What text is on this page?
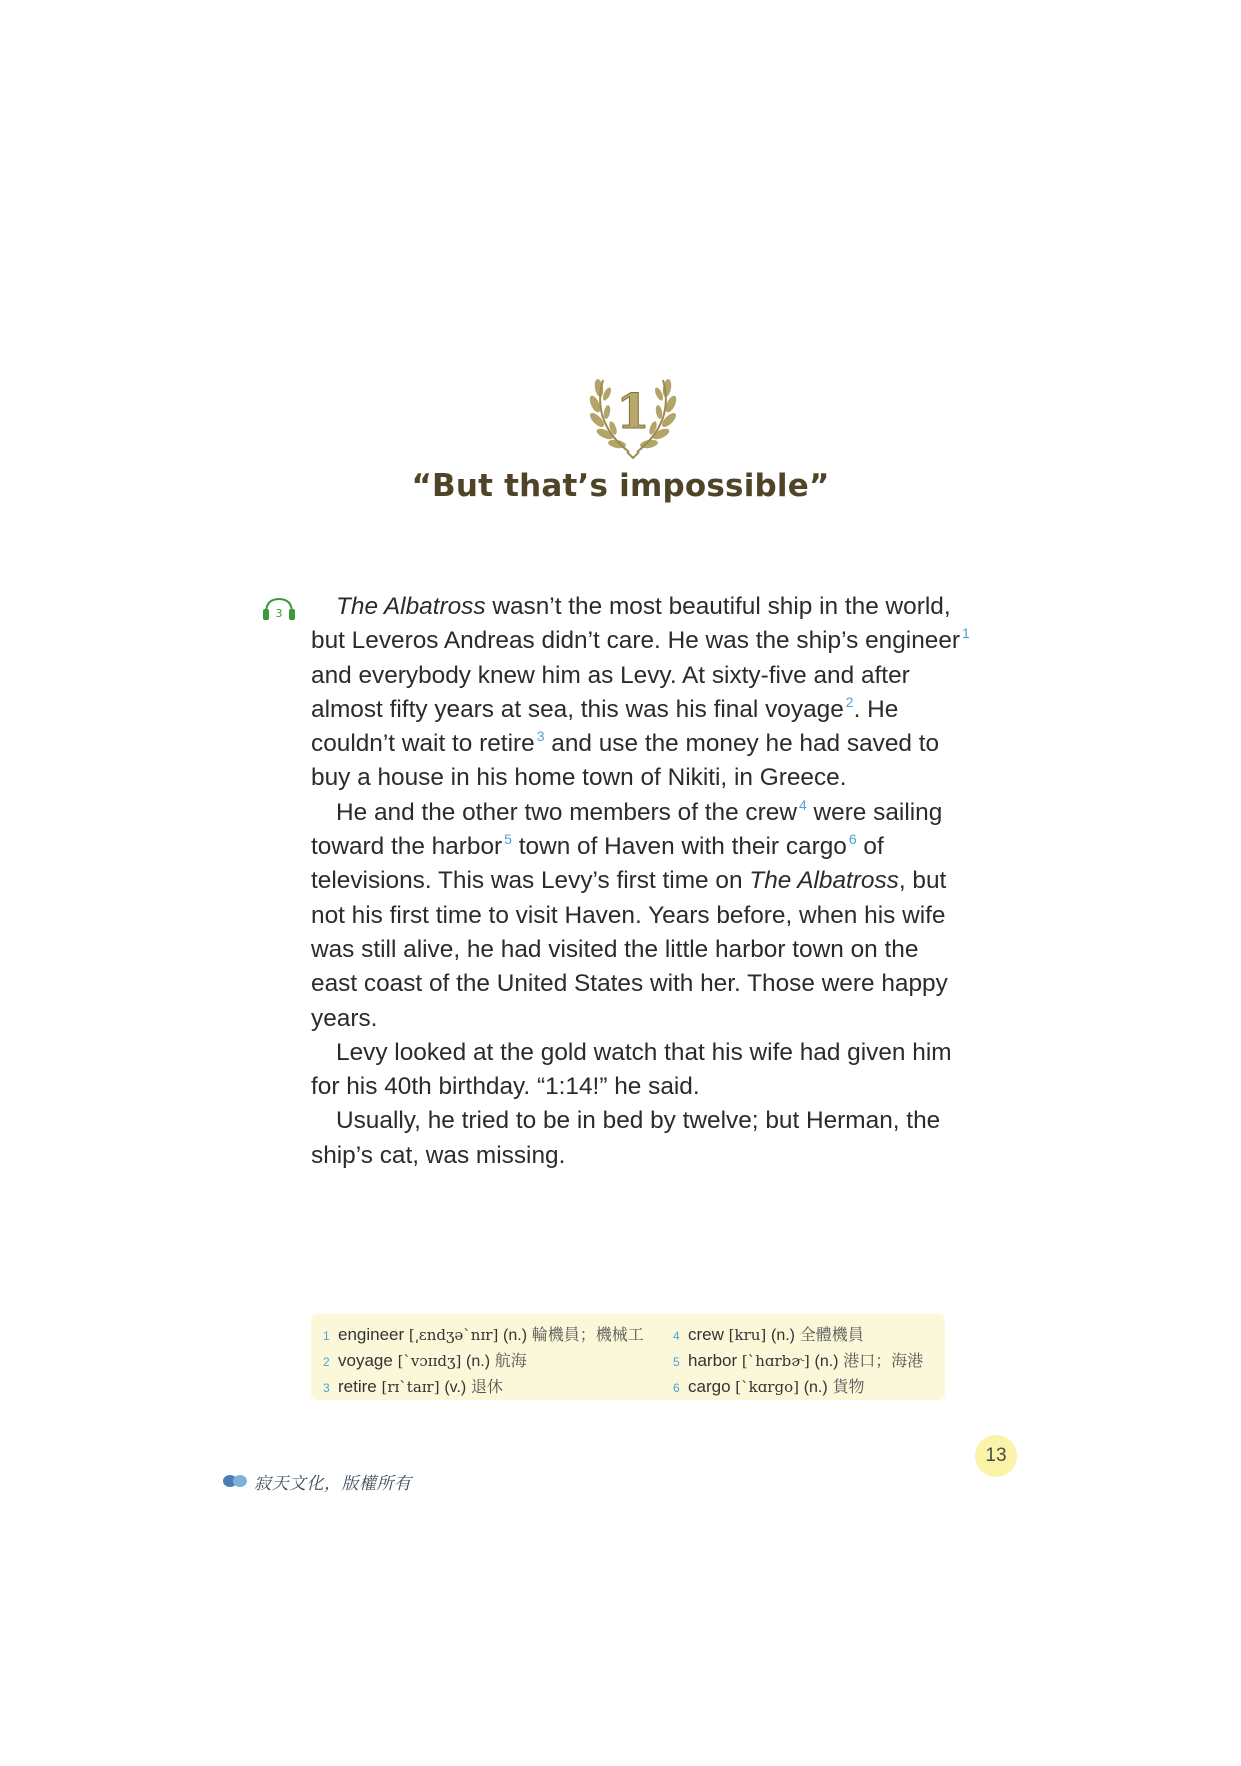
1
“But that’s impossible”
3	The Albatross wasn’t the most beautiful ship in the world,
but Leveros Andreas didn’t care. He was the ship’s engineer $^1$
and everybody knew him as Levy. At sixty-five and after
almost fifty years at sea, this was his final voyage $^2$. He
couldn’t wait to retire $^3$ and use the money he had saved to
buy a house in his home town of Nikiti, in Greece.

He and the other two members of the crew $^4$ were sailing
toward the harbor $^5$ town of Haven with their cargo $^6$ of
televisions. This was Levy’s first time on The Albatross, but
not his first time to visit Haven. Years before, when his wife
was still alive, he had visited the little harbor town on the
east coast of the United States with her. Those were happy
years.

Levy looked at the gold watch that his wife had given him
for his 40th birthday. “1:14!” he said.

Usually, he tried to be in bed by twelve; but Herman, the
ship’s cat, was missing.

1 engineer [͵ɛndʒə`nɪr] (n.) 輪機員；機械工
2 voyage [`vɔɪɪdʒ] (n.) 航海
3 retire [rɪ`taɪr] (v.) 退休
4 crew [kru] (n.) 全體機員
5 harbor [`hɑrbɚ] (n.) 港口；海港
6 cargo [`kɑrgo] (n.) 貨物
13
寂天文化，版權所有
